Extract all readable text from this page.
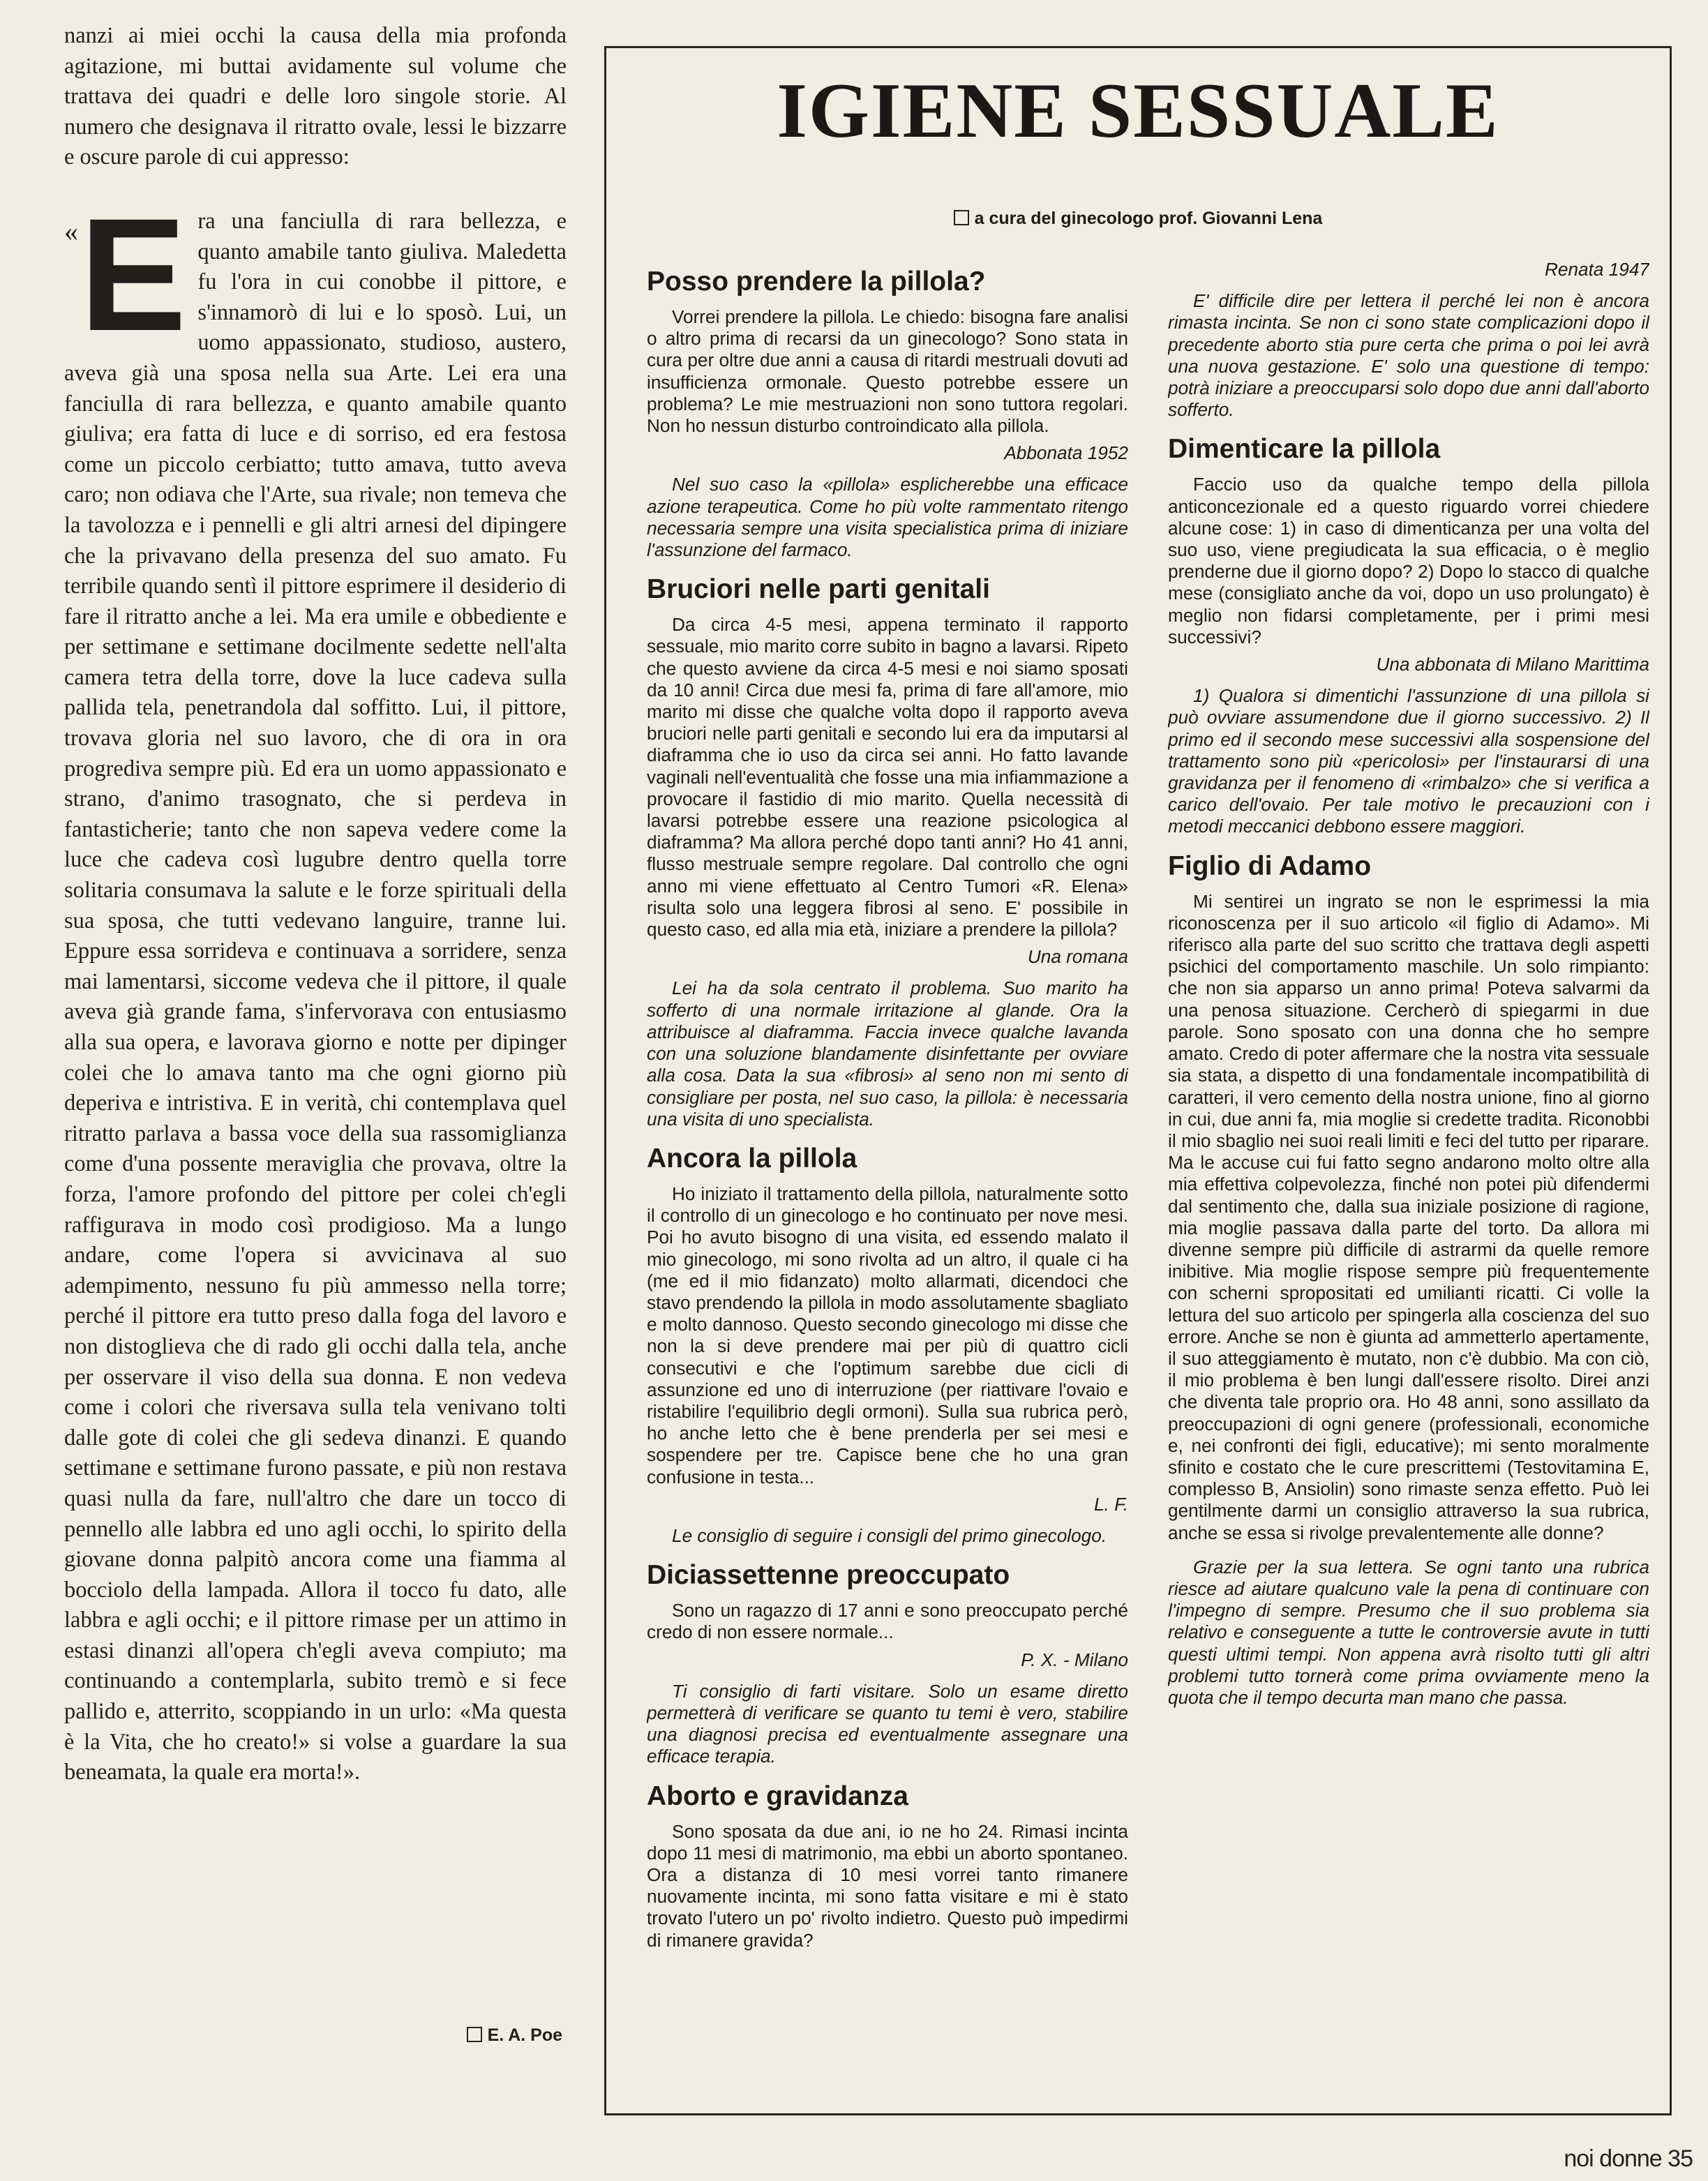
nanzi ai miei occhi la causa della mia profonda agitazione, mi buttai avidamente sul volume che trattava dei quadri e delle loro singole storie. Al numero che designava il ritratto ovale, lessi le bizzarre e oscure parole di cui appresso:

« E ra una fanciulla di rara bellezza, e quanto amabile tanto giuliva. Maledetta fu l'ora in cui conobbe il pittore, e s'innamorò di lui e lo sposò. Lui, un uomo appassionato, studioso, austero, aveva già una sposa nella sua Arte. Lei era una fanciulla di rara bellezza, e quanto amabile quanto giuliva; era fatta di luce e di sorriso, ed era festosa come un piccolo cerbiatto; tutto amava, tutto aveva caro; non odiava che l'Arte, sua rivale; non temeva che la tavolozza e i pennelli e gli altri arnesi del dipingere che la privavano della presenza del suo amato. Fu terribile quando sentì il pittore esprimere il desiderio di fare il ritratto anche a lei. Ma era umile e obbediente e per settimane e settimane docilmente sedette nell'alta camera tetra della torre, dove la luce cadeva sulla pallida tela, penetrandola dal soffitto. Lui, il pittore, trovava gloria nel suo lavoro, che di ora in ora progrediva sempre più. Ed era un uomo appassionato e strano, d'animo trasognato, che si perdeva in fantasticherie; tanto che non sapeva vedere come la luce che cadeva così lugubre dentro quella torre solitaria consumava la salute e le forze spirituali della sua sposa, che tutti vedevano languire, tranne lui. Eppure essa sorrideva e continuava a sorridere, senza mai lamentarsi, siccome vedeva che il pittore, il quale aveva già grande fama, s'infervorava con entusiasmo alla sua opera, e lavorava giorno e notte per dipinger colei che lo amava tanto ma che ogni giorno più deperiva e intristiva. E in verità, chi contemplava quel ritratto parlava a bassa voce della sua rassomiglianza come d'una possente meraviglia che provava, oltre la forza, l'amore profondo del pittore per colei ch'egli raffigurava in modo così prodigioso. Ma a lungo andare, come l'opera si avvicinava al suo adempimento, nessuno fu più ammesso nella torre; perché il pittore era tutto preso dalla foga del lavoro e non distoglieva che di rado gli occhi dalla tela, anche per osservare il viso della sua donna. E non vedeva come i colori che riversava sulla tela venivano tolti dalle gote di colei che gli sedeva dinanzi. E quando settimane e settimane furono passate, e più non restava quasi nulla da fare, null'altro che dare un tocco di pennello alle labbra ed uno agli occhi, lo spirito della giovane donna palpitò ancora come una fiamma al bocciolo della lampada. Allora il tocco fu dato, alle labbra e agli occhi; e il pittore rimase per un attimo in estasi dinanzi all'opera ch'egli aveva compiuto; ma continuando a contemplarla, subito tremò e si fece pallido e, atterrito, scoppiando in un urlo: «Ma questa è la Vita, che ho creato!» si volse a guardare la sua beneamata, la quale era morta!».
E. A. Poe
IGIENE SESSUALE
a cura del ginecologo prof. Giovanni Lena
Posso prendere la pillola?

Vorrei prendere la pillola. Le chiedo: bisogna fare analisi o altro prima di recarsi da un ginecologo? Sono stata in cura per oltre due anni a causa di ritardi mestruali dovuti ad insufficienza ormonale. Questo potrebbe essere un problema? Le mie mestruazioni non sono tuttora regolari. Non ho nessun disturbo controindicato alla pillola.

Abbonata 1952

Nel suo caso la «pillola» esplicherebbe una efficace azione terapeutica. Come ho più volte rammentato ritengo necessaria sempre una visita specialistica prima di iniziare l'assunzione del farmaco.

Bruciori nelle parti genitali

Da circa 4-5 mesi, appena terminato il rapporto sessuale, mio marito corre subito in bagno a lavarsi. Ripeto che questo avviene da circa 4-5 mesi e noi siamo sposati da 10 anni! Circa due mesi fa, prima di fare all'amore, mio marito mi disse che qualche volta dopo il rapporto aveva bruciori nelle parti genitali e secondo lui era da imputarsi al diaframma che io uso da circa sei anni. Ho fatto lavande vaginali nell'eventualità che fosse una mia infiammazione a provocare il fastidio di mio marito. Quella necessità di lavarsi potrebbe essere una reazione psicologica al diaframma? Ma allora perché dopo tanti anni? Ho 41 anni, flusso mestruale sempre regolare. Dal controllo che ogni anno mi viene effettuato al Centro Tumori «R. Elena» risulta solo una leggera fibrosi al seno. E' possibile in questo caso, ed alla mia età, iniziare a prendere la pillola?

Una romana

Lei ha da sola centrato il problema. Suo marito ha sofferto di una normale irritazione al glande. Ora la attribuisce al diaframma. Faccia invece qualche lavanda con una soluzione blandamente disinfettante per ovviare alla cosa. Data la sua «fibrosi» al seno non mi sento di consigliare per posta, nel suo caso, la pillola: è necessaria una visita di uno specialista.

Ancora la pillola

Ho iniziato il trattamento della pillola, naturalmente sotto il controllo di un ginecologo e ho continuato per nove mesi. Poi ho avuto bisogno di una visita, ed essendo malato il mio ginecologo, mi sono rivolta ad un altro, il quale ci ha (me ed il mio fidanzato) molto allarmati, dicendoci che stavo prendendo la pillola in modo assolutamente sbagliato e molto dannoso. Questo secondo ginecologo mi disse che non la si deve prendere mai per più di quattro cicli consecutivi e che l'optimum sarebbe due cicli di assunzione ed uno di interruzione (per riattivare l'ovaio e ristabilire l'equilibrio degli ormoni). Sulla sua rubrica però, ho anche letto che è bene prenderla per sei mesi e sospendere per tre. Capisce bene che ho una gran confusione in testa...

L. F.

Le consiglio di seguire i consigli del primo ginecologo.

Diciassettenne preoccupato

Sono un ragazzo di 17 anni e sono preoccupato perché credo di non essere normale...

P. X. - Milano

Ti consiglio di farti visitare. Solo un esame diretto permetterà di verificare se quanto tu temi è vero, stabilire una diagnosi precisa ed eventualmente assegnare una efficace terapia.

Aborto e gravidanza

Sono sposata da due ani, io ne ho 24. Rimasi incinta dopo 11 mesi di matrimonio, ma ebbi un aborto spontaneo. Ora a distanza di 10 mesi vorrei tanto rimanere nuovamente incinta, mi sono fatta visitare e mi è stato trovato l'utero un po' rivolto indietro. Questo può impedirmi di rimanere gravida?

Renata 1947

E' difficile dire per lettera il perché lei non è ancora rimasta incinta. Se non ci sono state complicazioni dopo il precedente aborto stia pure certa che prima o poi lei avrà una nuova gestazione. E' solo una questione di tempo: potrà iniziare a preoccuparsi solo dopo due anni dall'aborto sofferto.

Dimenticare la pillola

Faccio uso da qualche tempo della pillola anticoncezionale ed a questo riguardo vorrei chiedere alcune cose: 1) in caso di dimenticanza per una volta del suo uso, viene pregiudicata la sua efficacia, o è meglio prenderne due il giorno dopo? 2) Dopo lo stacco di qualche mese (consigliato anche da voi, dopo un uso prolungato) è meglio non fidarsi completamente, per i primi mesi successivi?

Una abbonata di Milano Marittima

1) Qualora si dimentichi l'assunzione di una pillola si può ovviare assumendone due il giorno successivo. 2) Il primo ed il secondo mese successivi alla sospensione del trattamento sono più «pericolosi» per l'instaurarsi di una gravidanza per il fenomeno di «rimbalzo» che si verifica a carico dell'ovaio. Per tale motivo le precauzioni con i metodi meccanici debbono essere maggiori.

Figlio di Adamo

Mi sentirei un ingrato se non le esprimessi la mia riconoscenza per il suo articolo «il figlio di Adamo». Mi riferisco alla parte del suo scritto che trattava degli aspetti psichici del comportamento maschile. Un solo rimpianto: che non sia apparso un anno prima! Poteva salvarmi da una penosa situazione. Cercherò di spiegarmi in due parole. Sono sposato con una donna che ho sempre amato. Credo di poter affermare che la nostra vita sessuale sia stata, a dispetto di una fondamentale incompatibilità di caratteri, il vero cemento della nostra unione, fino al giorno in cui, due anni fa, mia moglie si credette tradita. Riconobbi il mio sbaglio nei suoi reali limiti e feci del tutto per riparare. Ma le accuse cui fui fatto segno andarono molto oltre alla mia effettiva colpevolezza, finché non potei più difendermi dal sentimento che, dalla sua iniziale posizione di ragione, mia moglie passava dalla parte del torto. Da allora mi divenne sempre più difficile di astrarmi da quelle remore inibitive. Mia moglie rispose sempre più frequentemente con scherni spropositati ed umilianti ricatti. Ci volle la lettura del suo articolo per spingerla alla coscienza del suo errore. Anche se non è giunta ad ammetterlo apertamente, il suo atteggiamento è mutato, non c'è dubbio. Ma con ciò, il mio problema è ben lungi dall'essere risolto. Direi anzi che diventa tale proprio ora. Ho 48 anni, sono assillato da preoccupazioni di ogni genere (professionali, economiche e, nei confronti dei figli, educative); mi sento moralmente sfinito e costato che le cure prescrittemi (Testovitamina E, complesso B, Ansiolin) sono rimaste senza effetto. Può lei gentilmente darmi un consiglio attraverso la sua rubrica, anche se essa si rivolge prevalentemente alle donne?

Grazie per la sua lettera. Se ogni tanto una rubrica riesce ad aiutare qualcuno vale la pena di continuare con l'impegno di sempre. Presumo che il suo problema sia relativo e conseguente a tutte le controversie avute in tutti questi ultimi tempi. Non appena avrà risolto tutti gli altri problemi tutto tornerà come prima ovviamente meno la quota che il tempo decurta man mano che passa.

noi donne 35
